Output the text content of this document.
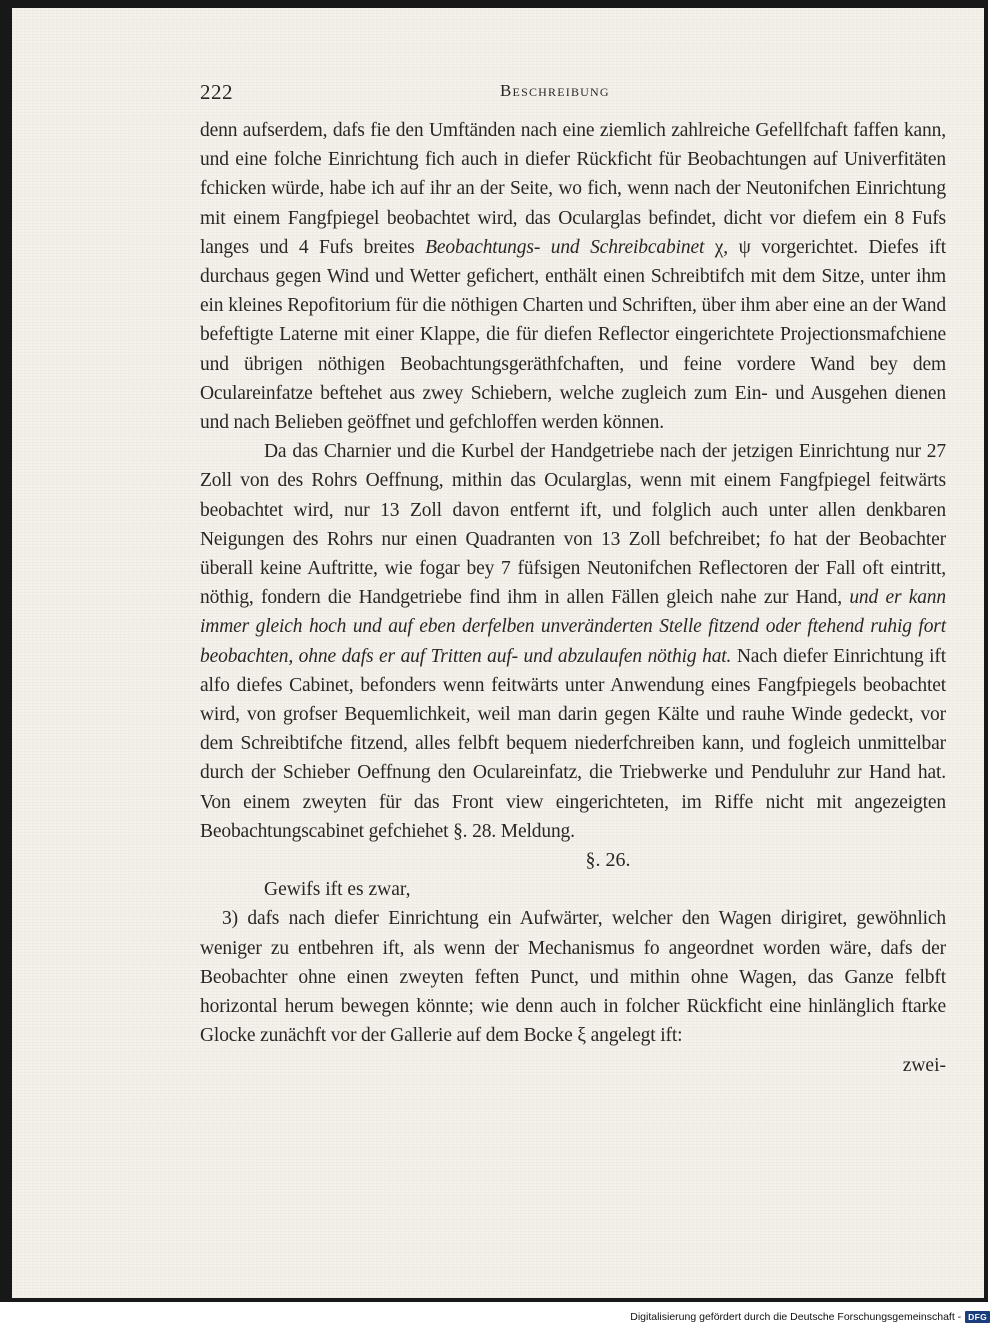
222	Beschreibung

denn aufserdem, dafs fie den Umftänden nach eine ziemlich zahlreiche Gefellfchaft faffen kann, und eine folche Einrichtung fich auch in diefer Rückficht für Beobachtungen auf Univerfitäten fchicken würde, habe ich auf ihr an der Seite, wo fich, wenn nach der Neutonifchen Einrichtung mit einem Fangfpiegel beobachtet wird, das Ocularglas befindet, dicht vor diefem ein 8 Fufs langes und 4 Fufs breites Beobachtungs- und Schreibcabinet χ, ψ vorgerichtet. Diefes ift durchaus gegen Wind und Wetter gefichert, enthält einen Schreibtifch mit dem Sitze, unter ihm ein kleines Repofitorium für die nöthigen Charten und Schriften, über ihm aber eine an der Wand befeftigte Laterne mit einer Klappe, die für diefen Reflector eingerichtete Projectionsmafchiene und übrigen nöthigen Beobachtungsgeräthfchaften, und feine vordere Wand bey dem Oculareinfatze beftehet aus zwey Schiebern, welche zugleich zum Ein- und Ausgehen dienen und nach Belieben geöffnet und gefchloffen werden können.

Da das Charnier und die Kurbel der Handgetriebe nach der jetzigen Einrichtung nur 27 Zoll von des Rohrs Oeffnung, mithin das Ocularglas, wenn mit einem Fangfpiegel feitwärts beobachtet wird, nur 13 Zoll davon entfernt ift, und folglich auch unter allen denkbaren Neigungen des Rohrs nur einen Quadranten von 13 Zoll befchreibet; fo hat der Beobachter überall keine Auftritte, wie fogar bey 7 füfsigen Neutonifchen Reflectoren der Fall oft eintritt, nöthig, fondern die Handgetriebe find ihm in allen Fällen gleich nahe zur Hand, und er kann immer gleich hoch und auf eben derfelben unveränderten Stelle fitzend oder ftehend ruhig fort beobachten, ohne dafs er auf Tritten auf- und abzulaufen nöthig hat. Nach diefer Einrichtung ift alfo diefes Cabinet, befonders wenn feitwärts unter Anwendung eines Fangfpiegels beobachtet wird, von grofser Bequemlichkeit, weil man darin gegen Kälte und rauhe Winde gedeckt, vor dem Schreibtifche fitzend, alles felbft bequem niederfchreiben kann, und fogleich unmittelbar durch der Schieber Oeffnung den Oculareinfatz, die Triebwerke und Penduluhr zur Hand hat. Von einem zweyten für das Front view eingerichteten, im Riffe nicht mit angezeigten Beobachtungscabinet gefchiehet §. 28. Meldung.

§. 26.

Gewifs ift es zwar,

3) dafs nach diefer Einrichtung ein Aufwärter, welcher den Wagen dirigiret, gewöhnlich weniger zu entbehren ift, als wenn der Mechanismus fo angeordnet worden wäre, dafs der Beobachter ohne einen zweyten feften Punct, und mithin ohne Wagen, das Ganze felbft horizontal herum bewegen könnte; wie denn auch in folcher Rückficht eine hinlänglich ftarke Glocke zunächft vor der Gallerie auf dem Bocke ξ angelegt ift:

zwei-

Digitalisierung gefördert durch die Deutsche Forschungsgemeinschaft - DFG
